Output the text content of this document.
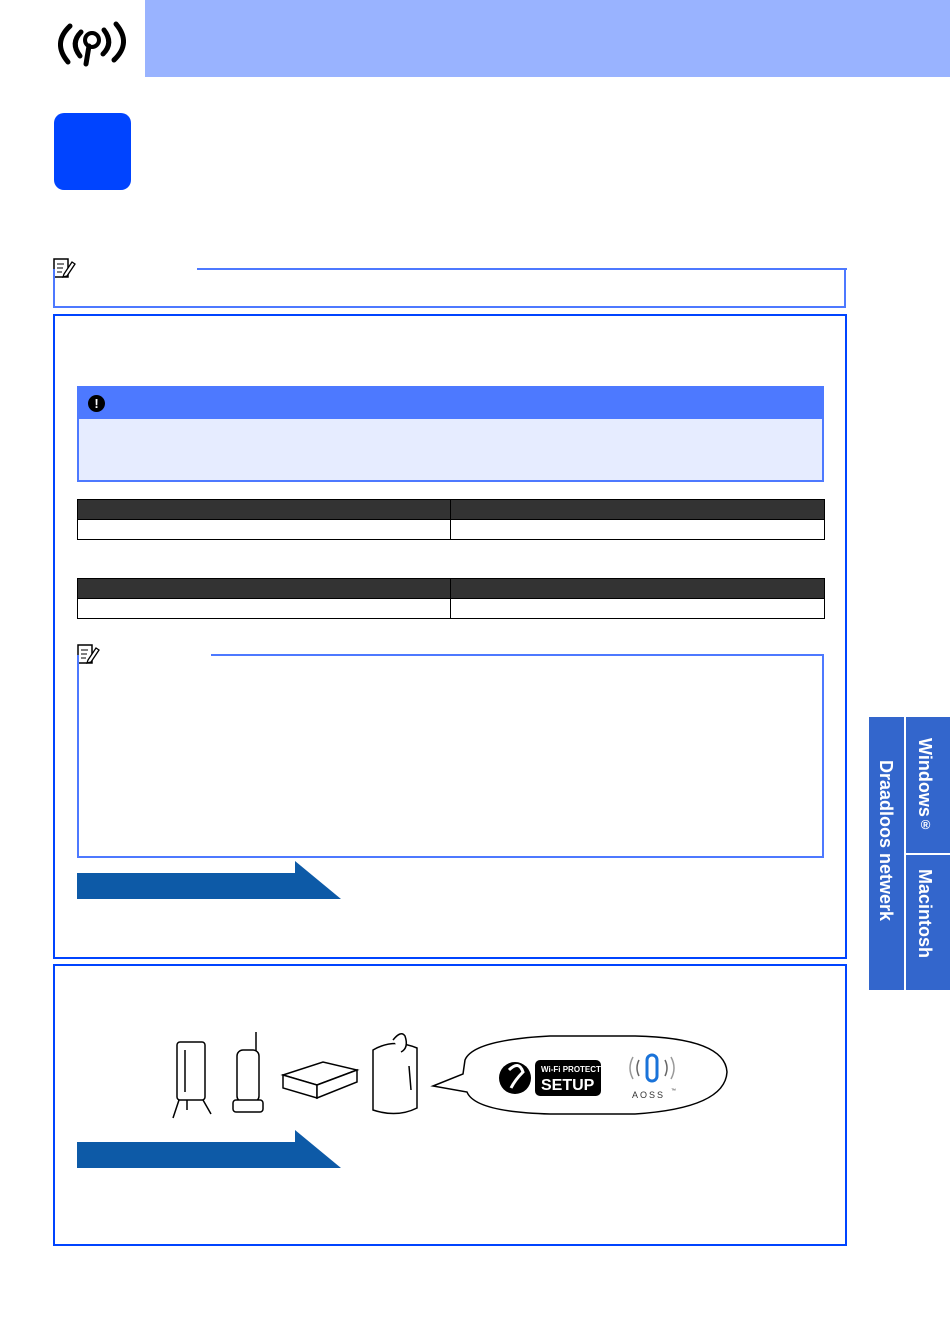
!

Wi-Fi PROTECTED
SETUP
AOSS ™
Draadloos netwerk Windows®
Macintosh
